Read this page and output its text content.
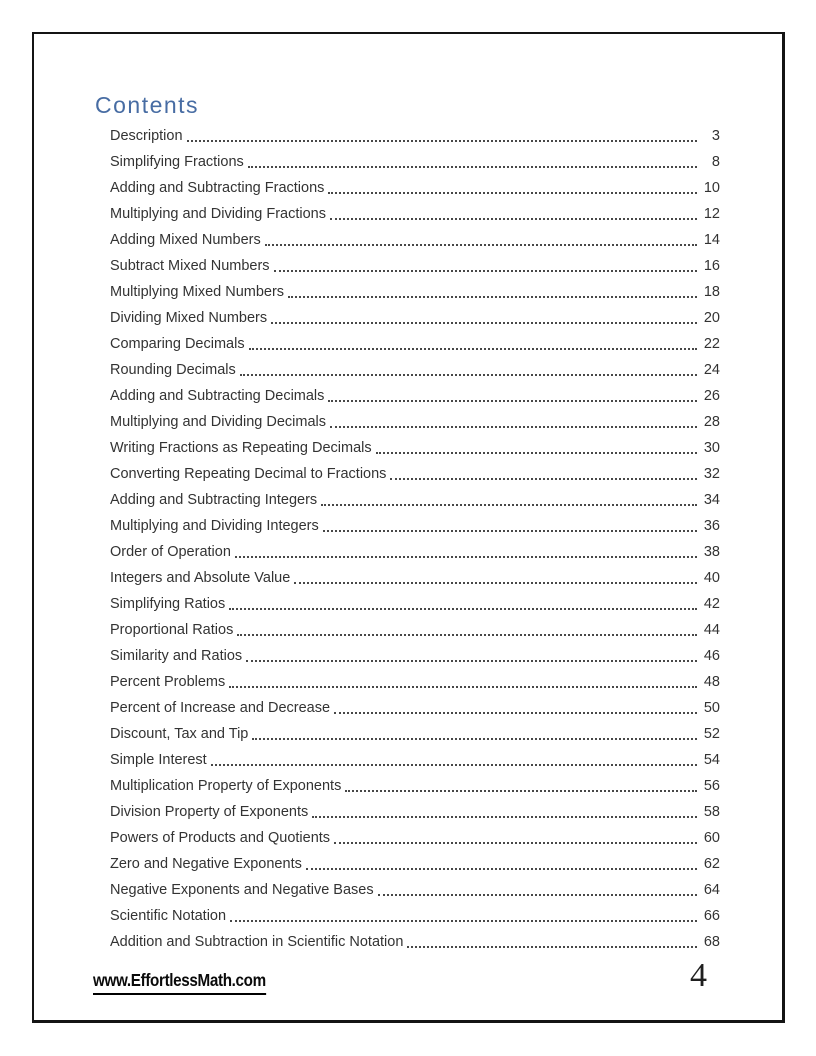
Contents
Description	3
Simplifying Fractions	8
Adding and Subtracting Fractions	10
Multiplying and Dividing Fractions	12
Adding Mixed Numbers	14
Subtract Mixed Numbers	16
Multiplying Mixed Numbers	18
Dividing Mixed Numbers	20
Comparing Decimals	22
Rounding Decimals	24
Adding and Subtracting Decimals	26
Multiplying and Dividing Decimals	28
Writing Fractions as Repeating Decimals	30
Converting Repeating Decimal to Fractions	32
Adding and Subtracting Integers	34
Multiplying and Dividing Integers	36
Order of Operation	38
Integers and Absolute Value	40
Simplifying Ratios	42
Proportional Ratios	44
Similarity and Ratios	46
Percent Problems	48
Percent of Increase and Decrease	50
Discount, Tax and Tip	52
Simple Interest	54
Multiplication Property of Exponents	56
Division Property of Exponents	58
Powers of Products and Quotients	60
Zero and Negative Exponents	62
Negative Exponents and Negative Bases	64
Scientific Notation	66
Addition and Subtraction in Scientific Notation	68
www.EffortlessMath.com	4
